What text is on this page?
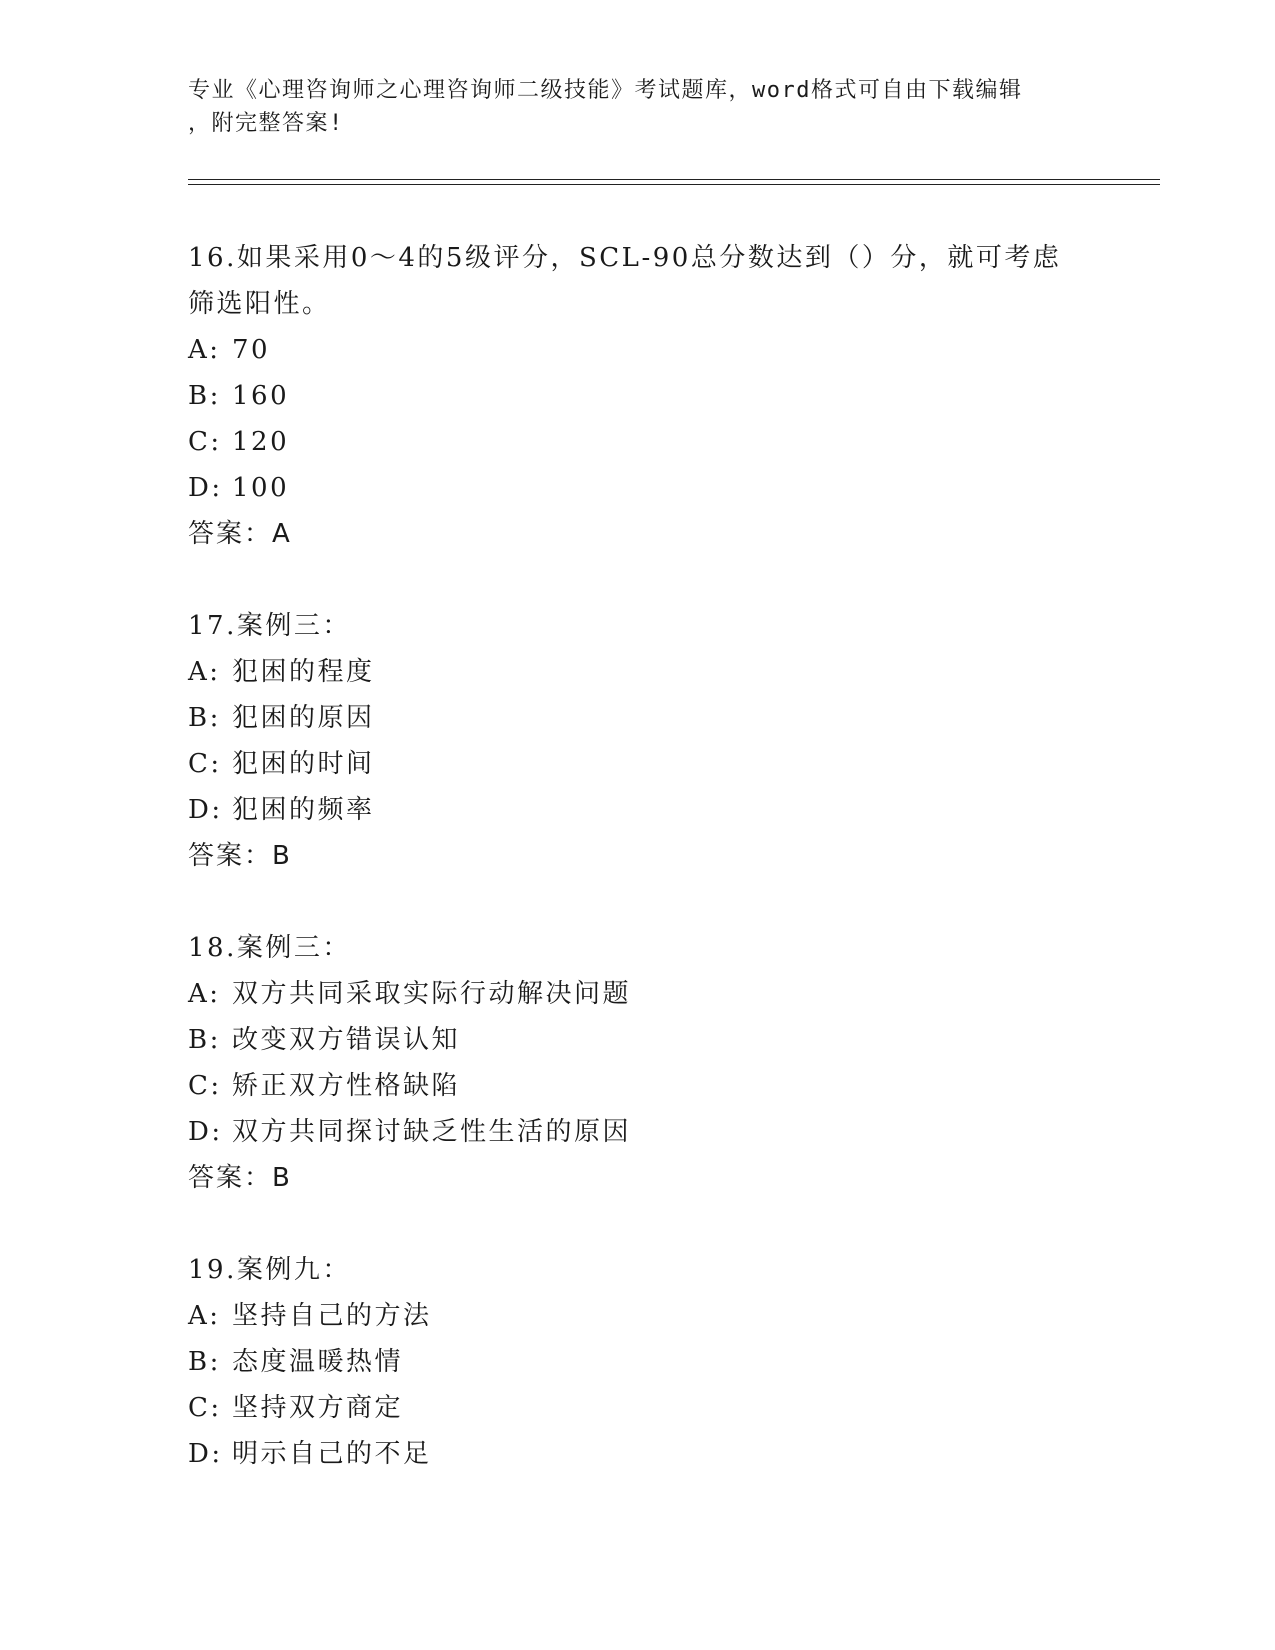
专业《心理咨询师之心理咨询师二级技能》考试题库，word格式可自由下载编辑
，附完整答案!

16.如果采用0～4的5级评分，SCL-90总分数达到（）分，就可考虑

筛选阳性。

A: 70

B: 160

C: 120

D: 100

答案：A

17.案例三：

A: 犯困的程度

B: 犯困的原因

C: 犯困的时间

D: 犯困的频率

答案：B

18.案例三：

A: 双方共同采取实际行动解决问题

B: 改变双方错误认知

C: 矫正双方性格缺陷

D: 双方共同探讨缺乏性生活的原因

答案：B

19.案例九：

A: 坚持自己的方法

B: 态度温暖热情

C: 坚持双方商定

D: 明示自己的不足
